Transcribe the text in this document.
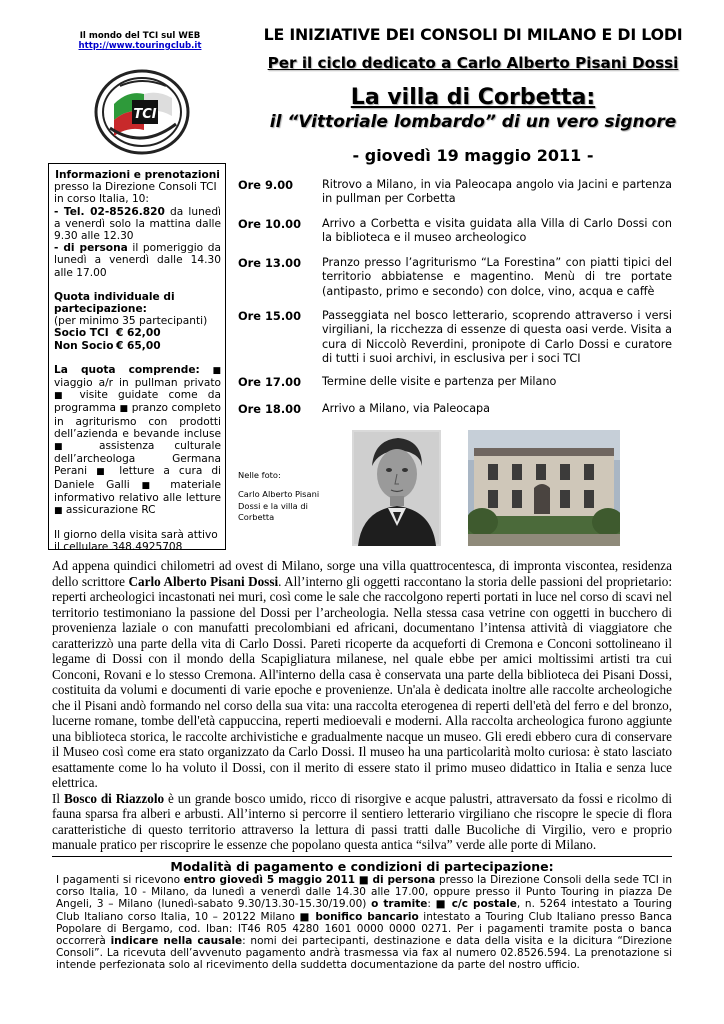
Il mondo del TCI sul WEB
http://www.touringclub.it
TCI
LE INIZIATIVE DEI CONSOLI DI MILANO E DI LODI
Per il ciclo dedicato a Carlo Alberto Pisani Dossi
La villa di Corbetta:
il “Vittoriale lombardo” di un vero signore
- giovedì 19 maggio 2011 -

Informazioni e prenotazioni

presso la Direzione Consoli TCI in corso Italia, 10:

- Tel. 02-8526.820 da lunedì a venerdì solo la mattina dalle 9.30 alle 12.30

- di persona il pomeriggio da lunedì a venerdì dalle 14.30 alle 17.00

Quota individuale di partecipazione:

(per minimo 35 partecipanti)

Socio TCI € 62,00

Non Socio € 65,00

La quota comprende: ■ viaggio a/r in pullman privato ■ visite guidate come da programma ■ pranzo completo in agriturismo con prodotti dell’azienda e bevande incluse ■ assistenza culturale dell’archeologa Germana Perani ■ letture a cura di Daniele Galli ■ materiale informativo relativo alle letture ■ assicurazione RC

Il giorno della visita sarà attivo il cellulare 348.4925708

Ore 9.00	Ritrovo a Milano, in via Paleocapa angolo via Jacini e partenza in pullman per Corbetta
Ore 10.00	Arrivo a Corbetta e visita guidata alla Villa di Carlo Dossi con la biblioteca e il museo archeologico
Ore 13.00	Pranzo presso l’agriturismo “La Forestina” con piatti tipici del territorio abbiatense e magentino. Menù di tre portate (antipasto, primo e secondo) con dolce, vino, acqua e caffè
Ore 15.00	Passeggiata nel bosco letterario, scoprendo attraverso i versi virgiliani, la ricchezza di essenze di questa oasi verde. Visita a cura di Niccolò Reverdini, pronipote di Carlo Dossi e curatore di tutti i suoi archivi, in esclusiva per i soci TCI
Ore 17.00	Termine delle visite e partenza per Milano
Ore 18.00	Arrivo a Milano, via Paleocapa

Nelle foto:

Carlo Alberto Pisani Dossi e la villa di Corbetta

Ad appena quindici chilometri ad ovest di Milano, sorge una villa quattrocentesca, di impronta viscontea, residenza dello scrittore Carlo Alberto Pisani Dossi. All’interno gli oggetti raccontano la storia delle passioni del proprietario: reperti archeologici incastonati nei muri, così come le sale che raccolgono reperti portati in luce nel corso di scavi nel territorio testimoniano la passione del Dossi per l’archeologia. Nella stessa casa vetrine con oggetti in bucchero di provenienza laziale o con manufatti precolombiani ed africani, documentano l’intensa attività di viaggiatore che caratterizzò una parte della vita di Carlo Dossi. Pareti ricoperte da acqueforti di Cremona e Conconi sottolineano il legame di Dossi con il mondo della Scapigliatura milanese, nel quale ebbe per amici moltissimi artisti tra cui Conconi, Rovani e lo stesso Cremona. All'interno della casa è conservata una parte della biblioteca dei Pisani Dossi, costituita da volumi e documenti di varie epoche e provenienze. Un'ala è dedicata inoltre alle raccolte archeologiche che il Pisani andò formando nel corso della sua vita: una raccolta eterogenea di reperti dell'età del ferro e del bronzo, lucerne romane, tombe dell'età cappuccina, reperti medioevali e moderni. Alla raccolta archeologica furono aggiunte una biblioteca storica, le raccolte archivistiche e gradualmente nacque un museo. Gli eredi ebbero cura di conservare il Museo così come era stato organizzato da Carlo Dossi. Il museo ha una particolarità molto curiosa: è stato lasciato esattamente come lo ha voluto il Dossi, con il merito di essere stato il primo museo didattico in Italia e senza luce elettrica.

Il Bosco di Riazzolo è un grande bosco umido, ricco di risorgive e acque palustri, attraversato da fossi e ricolmo di fauna sparsa fra alberi e arbusti. All’interno si percorre il sentiero letterario virgiliano che riscopre le specie di flora caratteristiche di questo territorio attraverso la lettura di passi tratti dalle Bucoliche di Virgilio, vero e proprio manuale pratico per riscoprire le essenze che popolano questa antica “silva” verde alle porte di Milano.

Modalità di pagamento e condizioni di partecipazione:
I pagamenti si ricevono entro giovedì 5 maggio 2011 ■ di persona presso la Direzione Consoli della sede TCI in corso Italia, 10 - Milano, da lunedì a venerdì dalle 14.30 alle 17.00, oppure presso il Punto Touring in piazza De Angeli, 3 – Milano (lunedì-sabato 9.30/13.30-15.30/19.00) o tramite: ■ c/c postale, n. 5264 intestato a Touring Club Italiano corso Italia, 10 – 20122 Milano ■ bonifico bancario intestato a Touring Club Italiano presso Banca Popolare di Bergamo, cod. Iban: IT46 R05 4280 1601 0000 0000 0271. Per i pagamenti tramite posta o banca occorrerà indicare nella causale: nomi dei partecipanti, destinazione e data della visita e la dicitura “Direzione Consoli”. La ricevuta dell’avvenuto pagamento andrà trasmessa via fax al numero 02.8526.594. La prenotazione si intende perfezionata solo al ricevimento della suddetta documentazione da parte del nostro ufficio.
